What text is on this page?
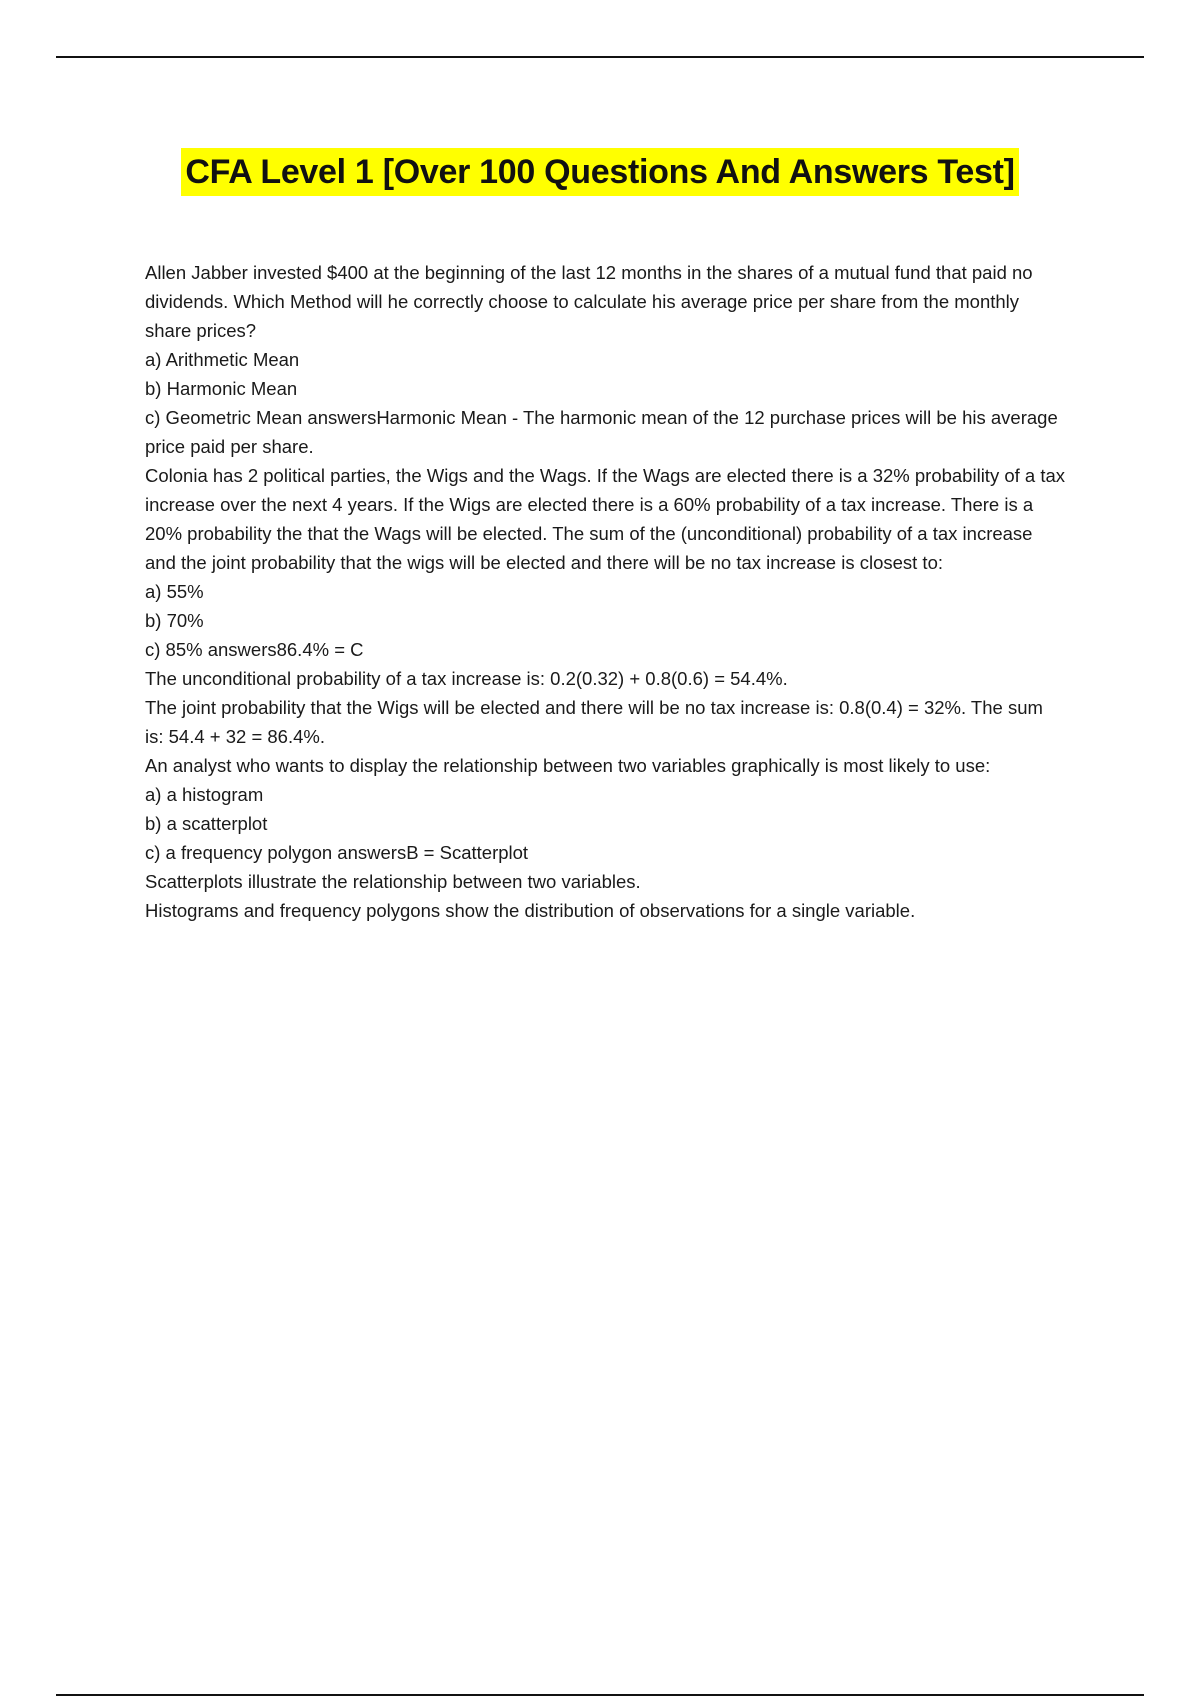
CFA Level 1 [Over 100 Questions And Answers Test]

Allen Jabber invested $400 at the beginning of the last 12 months in the shares of a mutual fund that paid no dividends. Which Method will he correctly choose to calculate his average price per share from the monthly share prices?

a) Arithmetic Mean

b) Harmonic Mean

c) Geometric Mean answersHarmonic Mean - The harmonic mean of the 12 purchase prices will be his average price paid per share.

Colonia has 2 political parties, the Wigs and the Wags. If the Wags are elected there is a 32% probability of a tax increase over the next 4 years. If the Wigs are elected there is a 60% probability of a tax increase. There is a 20% probability the that the Wags will be elected. The sum of the (unconditional) probability of a tax increase and the joint probability that the wigs will be elected and there will be no tax increase is closest to:

a) 55%

b) 70%

c) 85% answers86.4% = C

The unconditional probability of a tax increase is: 0.2(0.32) + 0.8(0.6) = 54.4%.

The joint probability that the Wigs will be elected and there will be no tax increase is: 0.8(0.4) = 32%. The sum is: 54.4 + 32 = 86.4%.

An analyst who wants to display the relationship between two variables graphically is most likely to use:

a) a histogram

b) a scatterplot

c) a frequency polygon answersB = Scatterplot

Scatterplots illustrate the relationship between two variables.

Histograms and frequency polygons show the distribution of observations for a single variable.
